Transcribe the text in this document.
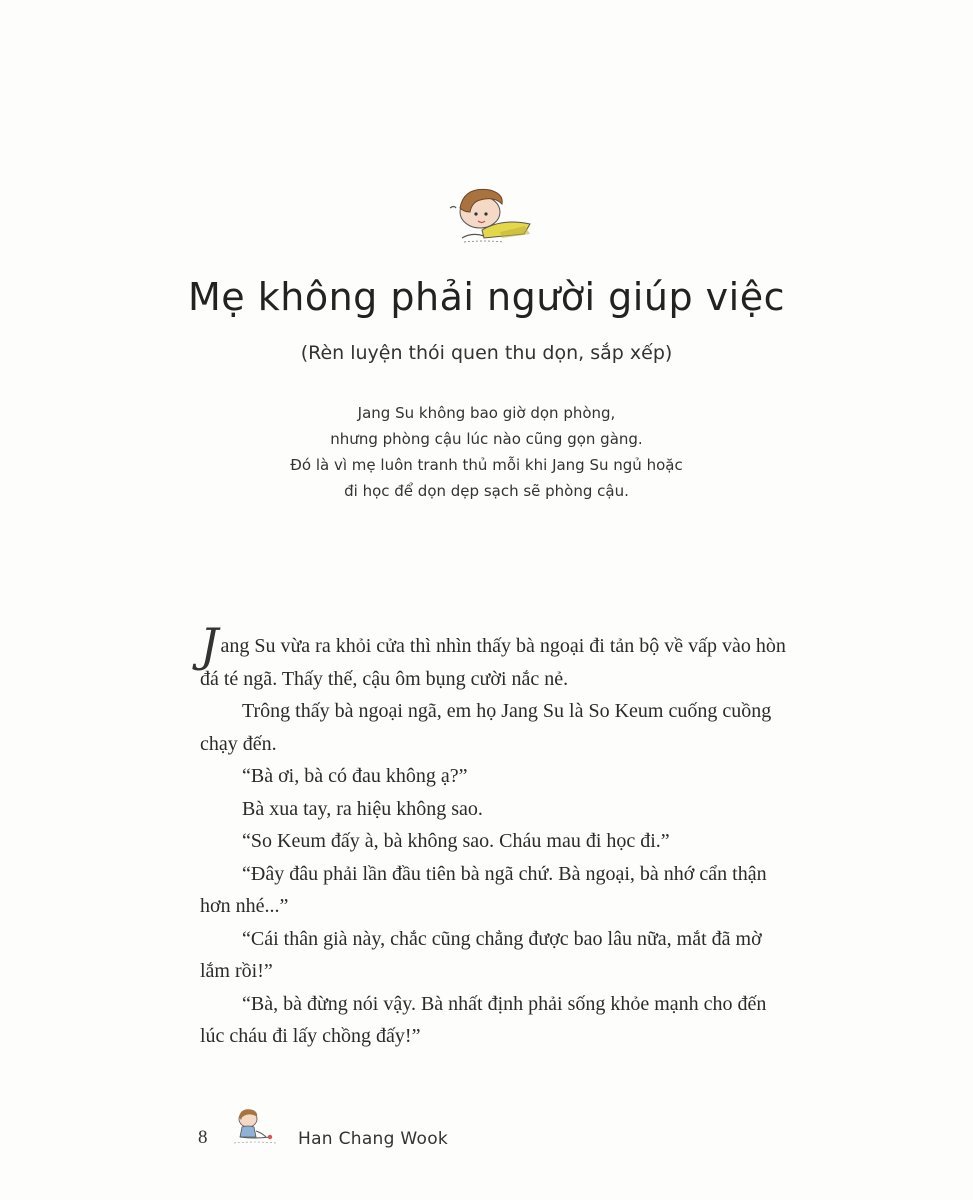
Mẹ không phải người giúp việc
(Rèn luyện thói quen thu dọn, sắp xếp)
Jang Su không bao giờ dọn phòng,
nhưng phòng cậu lúc nào cũng gọn gàng.
Đó là vì mẹ luôn tranh thủ mỗi khi Jang Su ngủ hoặc
đi học để dọn dẹp sạch sẽ phòng cậu.

Jang Su vừa ra khỏi cửa thì nhìn thấy bà ngoại đi tản bộ về vấp vào hòn đá té ngã. Thấy thế, cậu ôm bụng cười nắc nẻ.

Trông thấy bà ngoại ngã, em họ Jang Su là So Keum cuống cuồng chạy đến.

“Bà ơi, bà có đau không ạ?”

Bà xua tay, ra hiệu không sao.

“So Keum đấy à, bà không sao. Cháu mau đi học đi.”

“Đây đâu phải lần đầu tiên bà ngã chứ. Bà ngoại, bà nhớ cẩn thận hơn nhé...”

“Cái thân già này, chắc cũng chẳng được bao lâu nữa, mắt đã mờ lắm rồi!”

“Bà, bà đừng nói vậy. Bà nhất định phải sống khỏe mạnh cho đến lúc cháu đi lấy chồng đấy!”

8	Han Chang Wook
